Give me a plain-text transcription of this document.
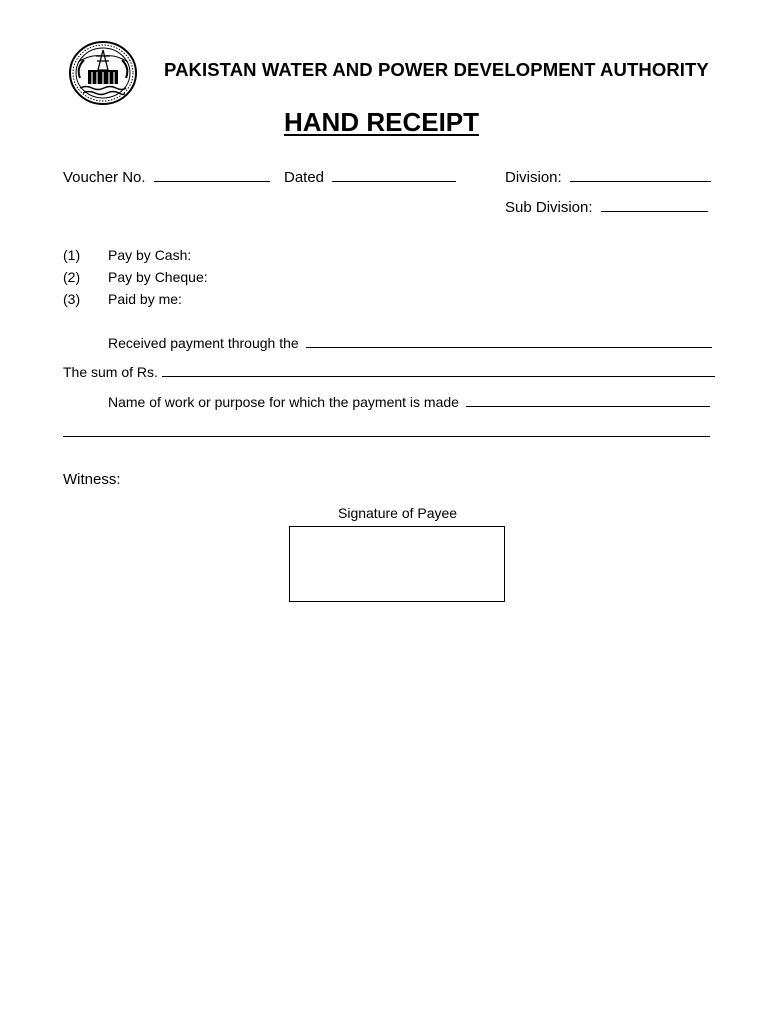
PAKISTAN WATER AND POWER DEVELOPMENT AUTHORITY
HAND RECEIPT
Voucher No.	Dated	Division:
Sub Division:
(1) Pay by Cash:
(2) Pay by Cheque:
(3) Paid by me:
Received payment through the
The sum of Rs.
Name of work or purpose for which the payment is made
Witness:
Signature of Payee
